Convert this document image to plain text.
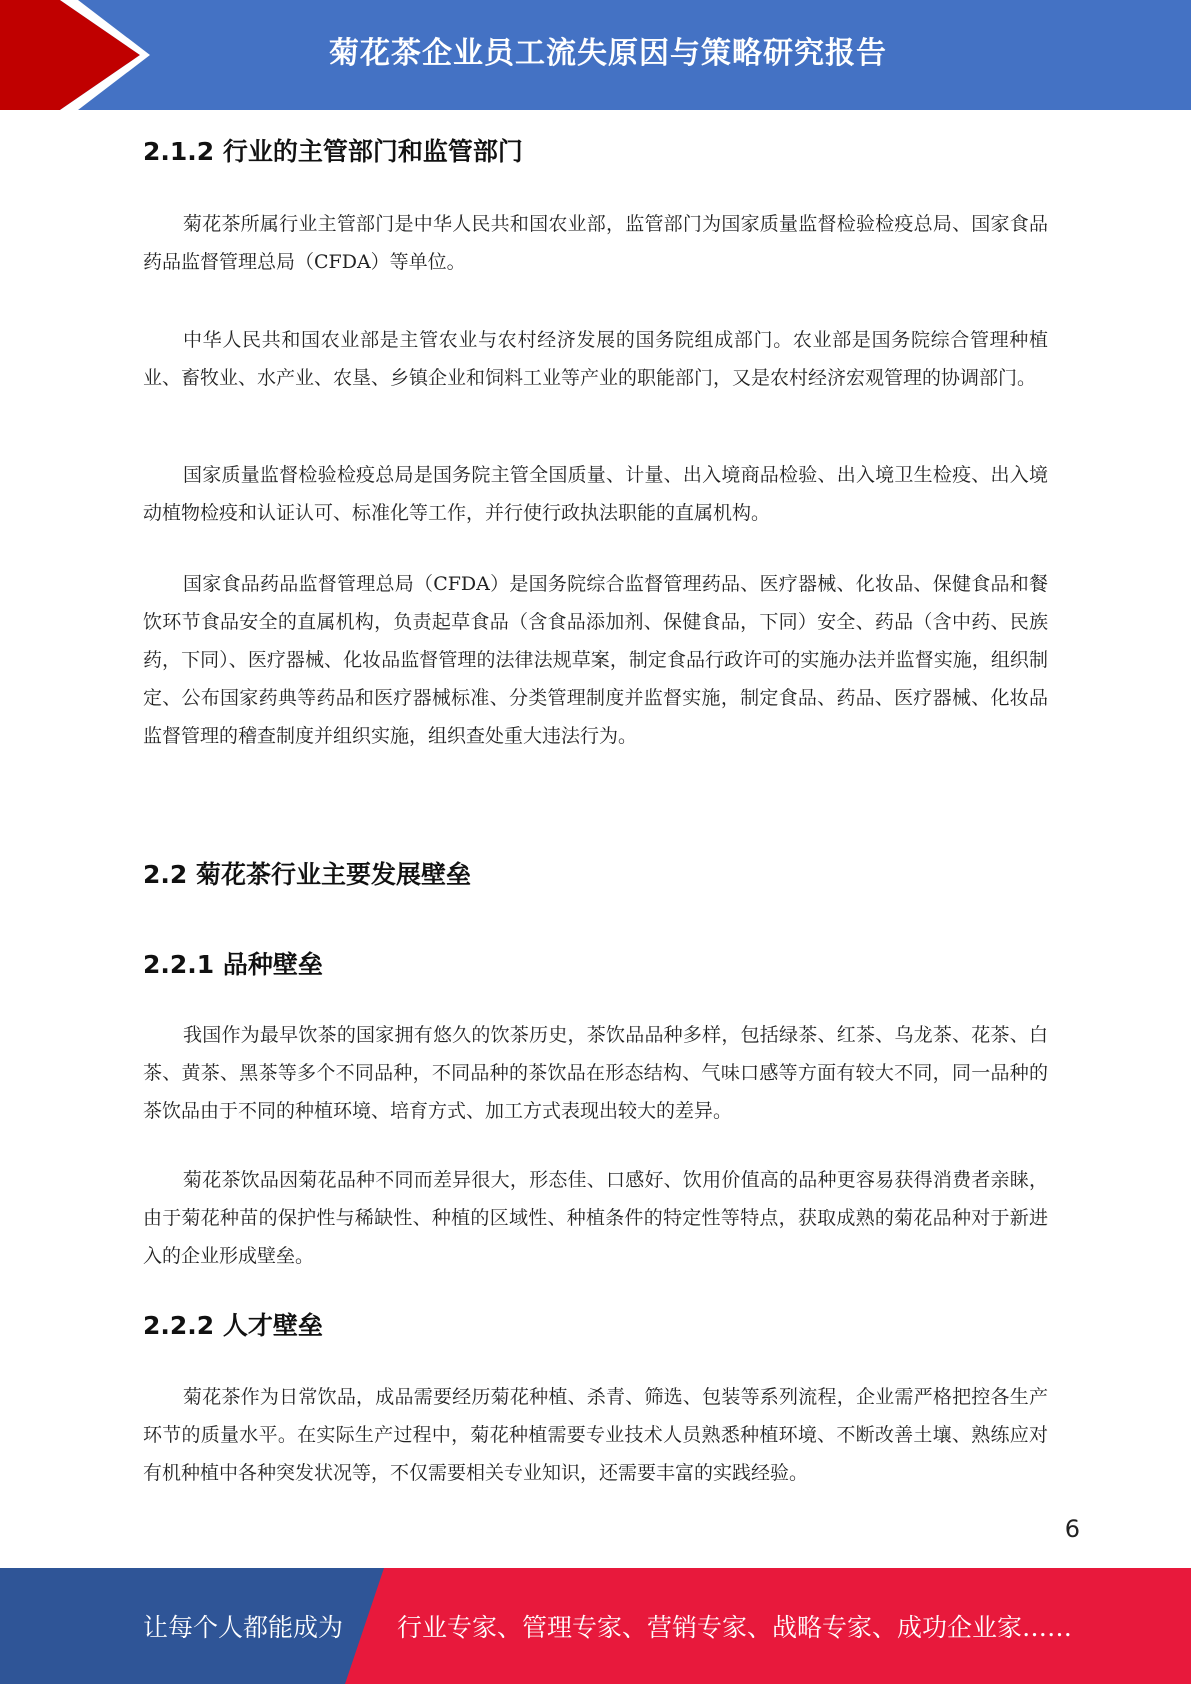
菊花茶企业员工流失原因与策略研究报告
2.1.2 行业的主管部门和监管部门

菊花茶所属行业主管部门是中华人民共和国农业部，监管部门为国家质量监督检验检疫总局、国家食品药品监督管理总局（CFDA）等单位。

中华人民共和国农业部是主管农业与农村经济发展的国务院组成部门。农业部是国务院综合管理种植业、畜牧业、水产业、农垦、乡镇企业和饲料工业等产业的职能部门，又是农村经济宏观管理的协调部门。

国家质量监督检验检疫总局是国务院主管全国质量、计量、出入境商品检验、出入境卫生检疫、出入境动植物检疫和认证认可、标准化等工作，并行使行政执法职能的直属机构。

国家食品药品监督管理总局（CFDA）是国务院综合监督管理药品、医疗器械、化妆品、保健食品和餐饮环节食品安全的直属机构，负责起草食品（含食品添加剂、保健食品，下同）安全、药品（含中药、民族药，下同）、医疗器械、化妆品监督管理的法律法规草案，制定食品行政许可的实施办法并监督实施，组织制定、公布国家药典等药品和医疗器械标准、分类管理制度并监督实施，制定食品、药品、医疗器械、化妆品监督管理的稽查制度并组织实施，组织查处重大违法行为。

2.2 菊花茶行业主要发展壁垒
2.2.1 品种壁垒

我国作为最早饮茶的国家拥有悠久的饮茶历史，茶饮品品种多样，包括绿茶、红茶、乌龙茶、花茶、白茶、黄茶、黑茶等多个不同品种，不同品种的茶饮品在形态结构、气味口感等方面有较大不同，同一品种的茶饮品由于不同的种植环境、培育方式、加工方式表现出较大的差异。

菊花茶饮品因菊花品种不同而差异很大，形态佳、口感好、饮用价值高的品种更容易获得消费者亲睐，由于菊花种苗的保护性与稀缺性、种植的区域性、种植条件的特定性等特点，获取成熟的菊花品种对于新进入的企业形成壁垒。

2.2.2 人才壁垒

菊花茶作为日常饮品，成品需要经历菊花种植、杀青、筛选、包装等系列流程，企业需严格把控各生产环节的质量水平。在实际生产过程中，菊花种植需要专业技术人员熟悉种植环境、不断改善土壤、熟练应对有机种植中各种突发状况等，不仅需要相关专业知识，还需要丰富的实践经验。

6
让每个人都能成为 行业专家、管理专家、营销专家、战略专家、成功企业家……
